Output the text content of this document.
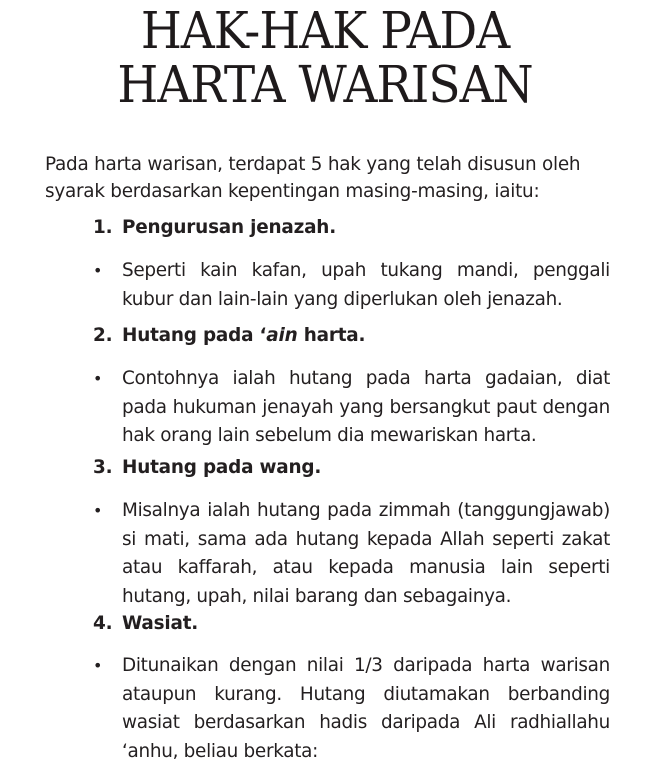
HAK-HAK PADA
HARTA WARISAN

Pada harta warisan, terdapat 5 hak yang telah disusun oleh syarak berdasarkan kepentingan masing-masing, iaitu:

1. Pengurusan jenazah.

• Seperti kain kafan, upah tukang mandi, penggali kubur dan lain-lain yang diperlukan oleh jenazah.

2. Hutang pada ‘ain harta.

• Contohnya ialah hutang pada harta gadaian, diat pada hukuman jenayah yang bersangkut paut dengan hak orang lain sebelum dia mewariskan harta.

3. Hutang pada wang.

• Misalnya ialah hutang pada zimmah (tanggungjawab) si mati, sama ada hutang kepada Allah seperti zakat atau kaffarah, atau kepada manusia lain seperti hutang, upah, nilai barang dan sebagainya.

4. Wasiat.

• Ditunaikan dengan nilai 1/3 daripada harta warisan ataupun kurang. Hutang diutamakan berbanding wasiat berdasarkan hadis daripada Ali radhiallahu ‘anhu, beliau berkata:
